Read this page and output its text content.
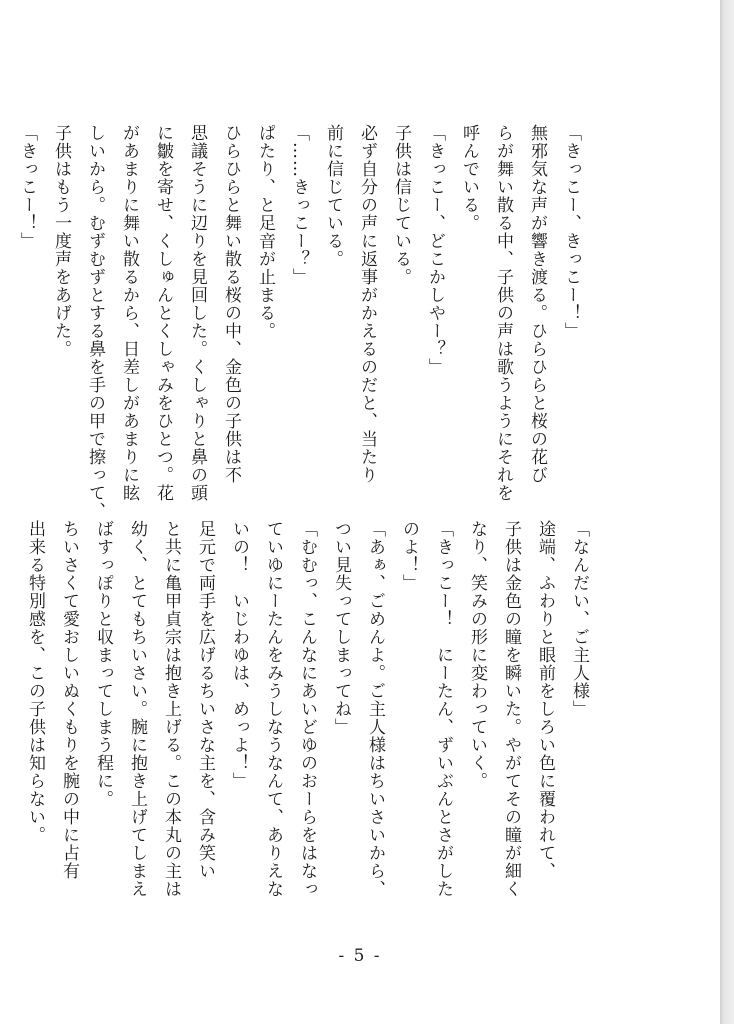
「きっこー、きっこー！」
無邪気な声が響き渡る。ひらひらと桜の花び
らが舞い散る中、子供の声は歌うようにそれを
呼んでいる。
「きっこー、どこかしやー？」
子供は信じている。
必ず自分の声に返事がかえるのだと、当たり
前に信じている。
「……きっこー？」
ぱたり、と足音が止まる。
ひらひらと舞い散る桜の中、金色の子供は不
思議そうに辺りを見回した。くしゃりと鼻の頭
に皺を寄せ、くしゅんとくしゃみをひとつ。花
があまりに舞い散るから、日差しがあまりに眩
しいから。むずむずとする鼻を手の甲で擦って、
子供はもう一度声をあげた。
「きっこー！」
「なんだい、ご主人様」
途端、ふわりと眼前をしろい色に覆われて、
子供は金色の瞳を瞬いた。やがてその瞳が細く
なり、笑みの形に変わっていく。
「きっこー！　にーたん、ずいぶんとさがした
のよ！」
「あぁ、ごめんよ。ご主人様はちいさいから、
つい見失ってしまってね」
「むむっ、こんなにあいどゆのおーらをはなっ
ていゆにーたんをみうしなうなんて、ありえな
いの！　いじわゆは、めっよ！」
足元で両手を広げるちいさな主を、含み笑い
と共に亀甲貞宗は抱き上げる。この本丸の主は
幼く、とてもちいさい。腕に抱き上げてしまえ
ばすっぽりと収まってしまう程に。
ちいさくて愛おしいぬくもりを腕の中に占有
出来る特別感を、この子供は知らない。
- 5 -
